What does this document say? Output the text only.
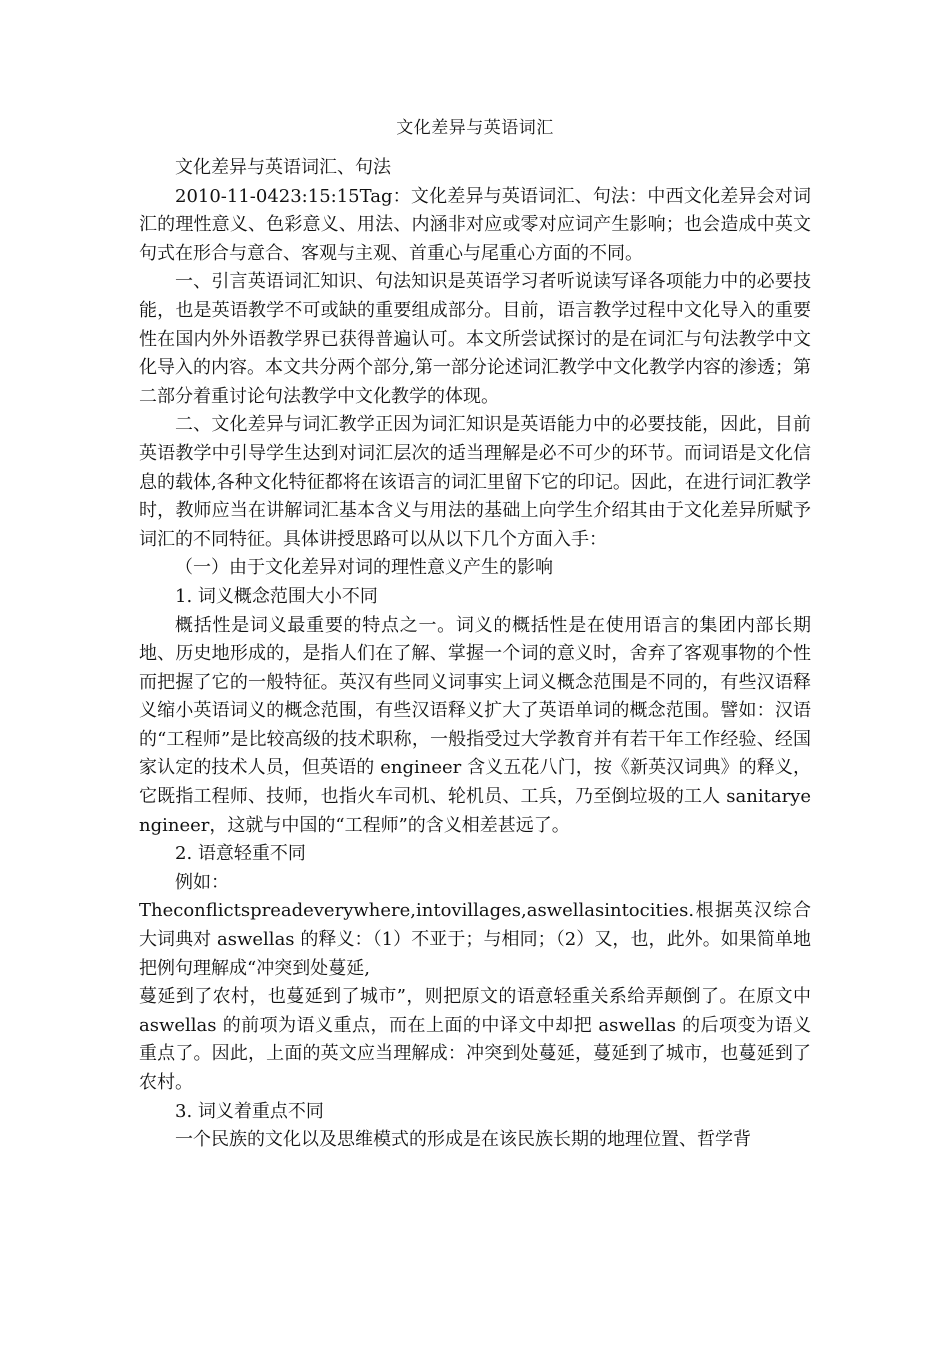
文化差异与英语词汇

文化差异与英语词汇、句法

2010-11-0423:15:15Tag：文化差异与英语词汇、句法：中西文化差异会对词汇的理性意义、色彩意义、用法、内涵非对应或零对应词产生影响；也会造成中英文句式在形合与意合、客观与主观、首重心与尾重心方面的不同。

一、引言英语词汇知识、句法知识是英语学习者听说读写译各项能力中的必要技能，也是英语教学不可或缺的重要组成部分。目前，语言教学过程中文化导入的重要性在国内外外语教学界已获得普遍认可。本文所尝试探讨的是在词汇与句法教学中文化导入的内容。本文共分两个部分,第一部分论述词汇教学中文化教学内容的渗透；第二部分着重讨论句法教学中文化教学的体现。

二、文化差异与词汇教学正因为词汇知识是英语能力中的必要技能，因此，目前英语教学中引导学生达到对词汇层次的适当理解是必不可少的环节。而词语是文化信息的载体,各种文化特征都将在该语言的词汇里留下它的印记。因此，在进行词汇教学时，教师应当在讲解词汇基本含义与用法的基础上向学生介绍其由于文化差异所赋予词汇的不同特征。具体讲授思路可以从以下几个方面入手：

（一）由于文化差异对词的理性意义产生的影响

1. 词义概念范围大小不同

概括性是词义最重要的特点之一。词义的概括性是在使用语言的集团内部长期地、历史地形成的，是指人们在了解、掌握一个词的意义时，舍弃了客观事物的个性而把握了它的一般特征。英汉有些同义词事实上词义概念范围是不同的，有些汉语释义缩小英语词义的概念范围，有些汉语释义扩大了英语单词的概念范围。譬如：汉语的“工程师”是比较高级的技术职称，一般指受过大学教育并有若干年工作经验、经国家认定的技术人员，但英语的 engineer 含义五花八门，按《新英汉词典》的释义，它既指工程师、技师，也指火车司机、轮机员、工兵，乃至倒垃圾的工人 sanitaryengineer，这就与中国的“工程师”的含义相差甚远了。

2. 语意轻重不同

例如：

Theconflictspreadeverywhere,intovillages,aswellasintocities.根据英汉综合大词典对 aswellas 的释义：（1）不亚于；与相同；（2）又，也，此外。如果简单地把例句理解成“冲突到处蔓延,

蔓延到了农村，也蔓延到了城市”，则把原文的语意轻重关系给弄颠倒了。在原文中 aswellas 的前项为语义重点，而在上面的中译文中却把 aswellas 的后项变为语义重点了。因此，上面的英文应当理解成：冲突到处蔓延，蔓延到了城市，也蔓延到了农村。

3. 词义着重点不同

一个民族的文化以及思维模式的形成是在该民族长期的地理位置、哲学背
